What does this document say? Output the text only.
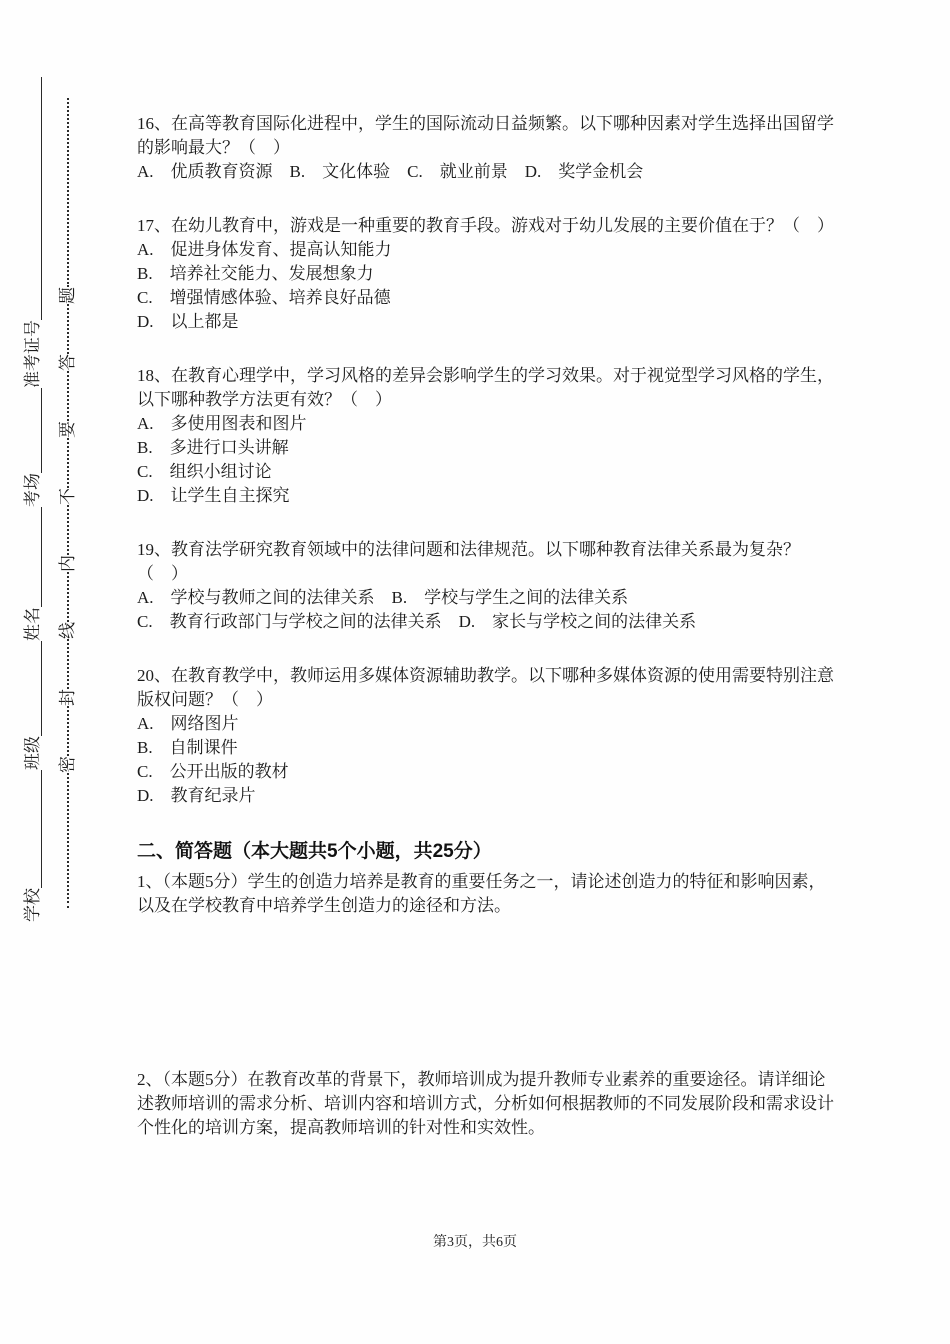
学校
班级
姓名
考场
准考证号
密
封
线
内
不
要
答
题
16、在高等教育国际化进程中，学生的国际流动日益频繁。以下哪种因素对学生选择出国留学的影响最大？（　）
A.　优质教育资源　B.　文化体验　C.　就业前景　D.　奖学金机会
17、在幼儿教育中，游戏是一种重要的教育手段。游戏对于幼儿发展的主要价值在于？（　）
A.　促进身体发育、提高认知能力
B.　培养社交能力、发展想象力
C.　增强情感体验、培养良好品德
D.　以上都是
18、在教育心理学中，学习风格的差异会影响学生的学习效果。对于视觉型学习风格的学生，以下哪种教学方法更有效？（　）
A.　多使用图表和图片
B.　多进行口头讲解
C.　组织小组讨论
D.　让学生自主探究
19、教育法学研究教育领域中的法律问题和法律规范。以下哪种教育法律关系最为复杂？（　）
A.　学校与教师之间的法律关系　B.　学校与学生之间的法律关系
C.　教育行政部门与学校之间的法律关系　D.　家长与学校之间的法律关系
20、在教育教学中，教师运用多媒体资源辅助教学。以下哪种多媒体资源的使用需要特别注意版权问题？（　）
A.　网络图片
B.　自制课件
C.　公开出版的教材
D.　教育纪录片
二、简答题（本大题共5个小题，共25分）
1、（本题5分）学生的创造力培养是教育的重要任务之一，请论述创造力的特征和影响因素，以及在学校教育中培养学生创造力的途径和方法。
2、（本题5分）在教育改革的背景下，教师培训成为提升教师专业素养的重要途径。请详细论述教师培训的需求分析、培训内容和培训方式，分析如何根据教师的不同发展阶段和需求设计个性化的培训方案，提高教师培训的针对性和实效性。
第3页，共6页
